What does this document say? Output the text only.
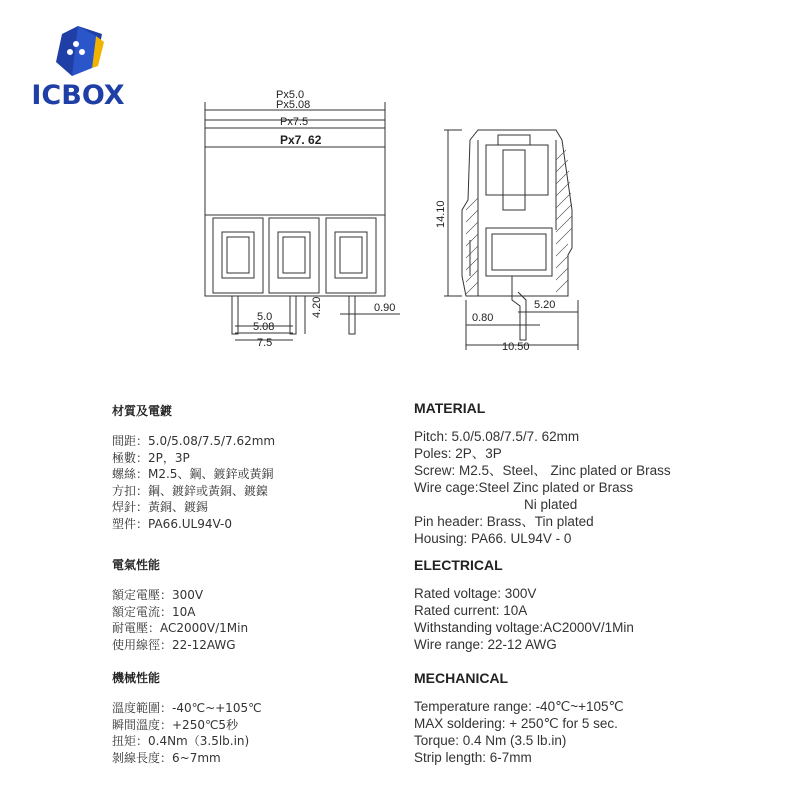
ICBOX	Px5.0
Px5.08
Px7.5
Px7. 62
5.0
5.08
7.5
4.20	0.90
14.10
5.20
0.80
10.50
材質及電鍍
間距：5.0/5.08/7.5/7.62mm
極數：2P，3P
螺絲：M2.5、鋼、鍍鋅或黃銅
方扣：鋼、鍍鋅或黃銅、鍍鎳
焊針：黃銅、鍍錫
塑件：PA66.UL94V-0
電氣性能
額定電壓：300V
額定電流：10A
耐電壓：AC2000V/1Min
使用線徑：22-12AWG
機械性能
溫度範圍：-40℃~+105℃
瞬間溫度：+250℃5秒
扭矩：0.4Nm（3.5lb.in)
剝線長度：6~7mm
MATERIAL
Pitch: 5.0/5.08/7.5/7. 62mm
Poles: 2P、3P
Screw: M2.5、Steel、 Zinc plated or Brass
Wire cage:Steel Zinc plated or Brass
Ni plated
Pin header: Brass、Tin plated
Housing: PA66. UL94V - 0
ELECTRICAL
Rated voltage: 300V
Rated current: 10A
Withstanding voltage:AC2000V/1Min
Wire range: 22-12 AWG
MECHANICAL
Temperature range: -40℃~+105℃
MAX soldering: + 250℃ for 5 sec.
Torque: 0.4 Nm (3.5 lb.in)
Strip length: 6-7mm
